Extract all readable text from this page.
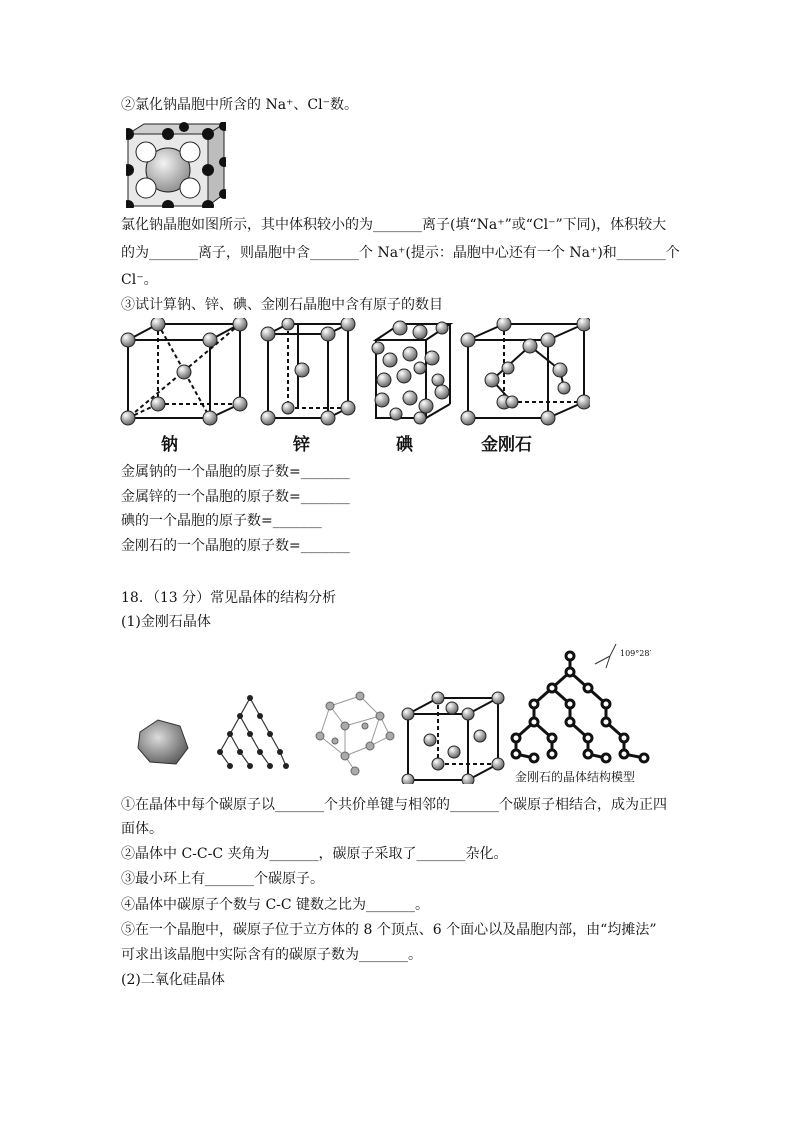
②氯化钠晶胞中所含的 Na⁺、Cl⁻数。
氯化钠晶胞如图所示，其中体积较小的为_______离子(填“Na⁺”或“Cl⁻”下同)，体积较大
的为_______离子，则晶胞中含_______个 Na⁺(提示：晶胞中心还有一个 Na⁺)和_______个
Cl⁻。
③试计算钠、锌、碘、金刚石晶胞中含有原子的数目
钠	锌	碘	金刚石
金属钠的一个晶胞的原子数=_______
金属锌的一个晶胞的原子数=_______
碘的一个晶胞的原子数=_______
金刚石的一个晶胞的原子数=_______
18．（13 分）常见晶体的结构分析
(1)金刚石晶体
109°28′
金刚石的晶体结构模型
①在晶体中每个碳原子以_______个共价单键与相邻的_______个碳原子相结合，成为正四
面体。
②晶体中 C-C-C 夹角为_______，碳原子采取了_______杂化。
③最小环上有_______个碳原子。
④晶体中碳原子个数与 C-C 键数之比为_______。
⑤在一个晶胞中，碳原子位于立方体的 8 个顶点、6 个面心以及晶胞内部，由“均摊法”
可求出该晶胞中实际含有的碳原子数为_______。
(2)二氧化硅晶体
